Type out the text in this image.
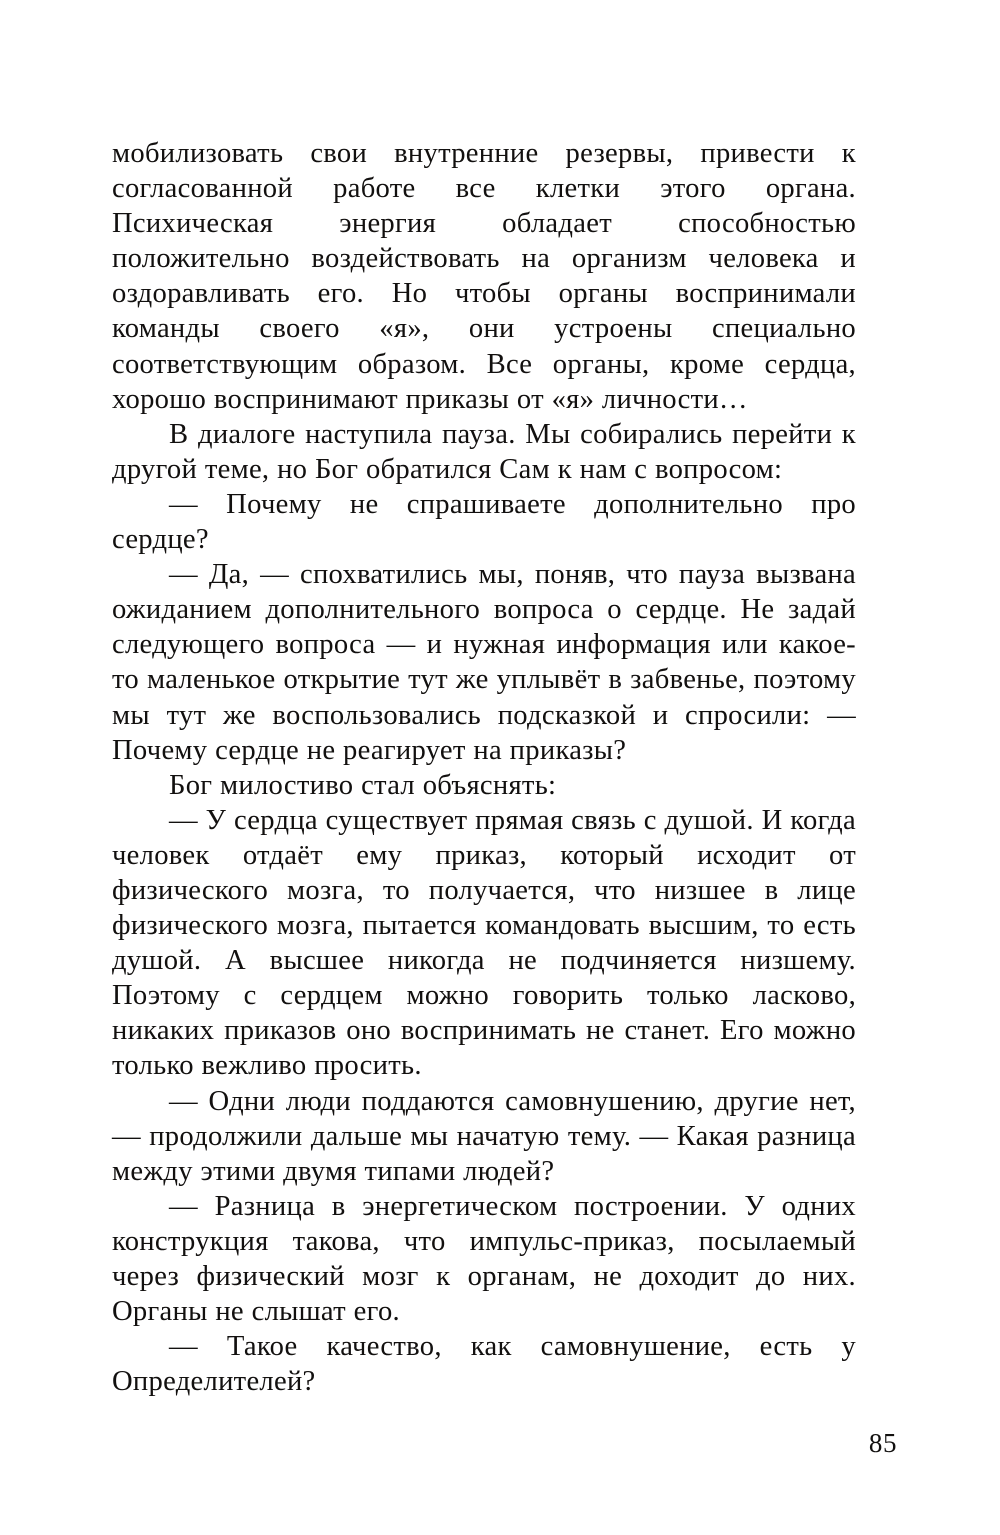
мобилизовать свои внутренние резервы, привести к согласованной работе все клетки этого органа. Психическая энергия обладает способностью положительно воздействовать на организм человека и оздоравливать его. Но чтобы органы воспринимали команды своего «я», они устроены специально соответствующим образом. Все органы, кроме сердца, хорошо воспринимают приказы от «я» личности…

В диалоге наступила пауза. Мы собирались перейти к другой теме, но Бог обратился Сам к нам с вопросом:

— Почему не спрашиваете дополнительно про сердце?

— Да, — спохватились мы, поняв, что пауза вызвана ожиданием дополнительного вопроса о сердце. Не задай следующего вопроса — и нужная информация или какое-то маленькое открытие тут же уплывёт в забвенье, поэтому мы тут же воспользовались подсказкой и спросили: — Почему сердце не реагирует на приказы?

Бог милостиво стал объяснять:

— У сердца существует прямая связь с душой. И когда человек отдаёт ему приказ, который исходит от физического мозга, то получается, что низшее в лице физического мозга, пытается командовать высшим, то есть душой. А высшее никогда не подчиняется низшему. Поэтому с сердцем можно говорить только ласково, никаких приказов оно воспринимать не станет. Его можно только вежливо просить.

— Одни люди поддаются самовнушению, другие нет, — продолжили дальше мы начатую тему. — Какая разница между этими двумя типами людей?

— Разница в энергетическом построении. У одних конструкция такова, что импульс-приказ, посылаемый через физический мозг к органам, не доходит до них. Органы не слышат его.

— Такое качество, как самовнушение, есть у Определителей?

85
